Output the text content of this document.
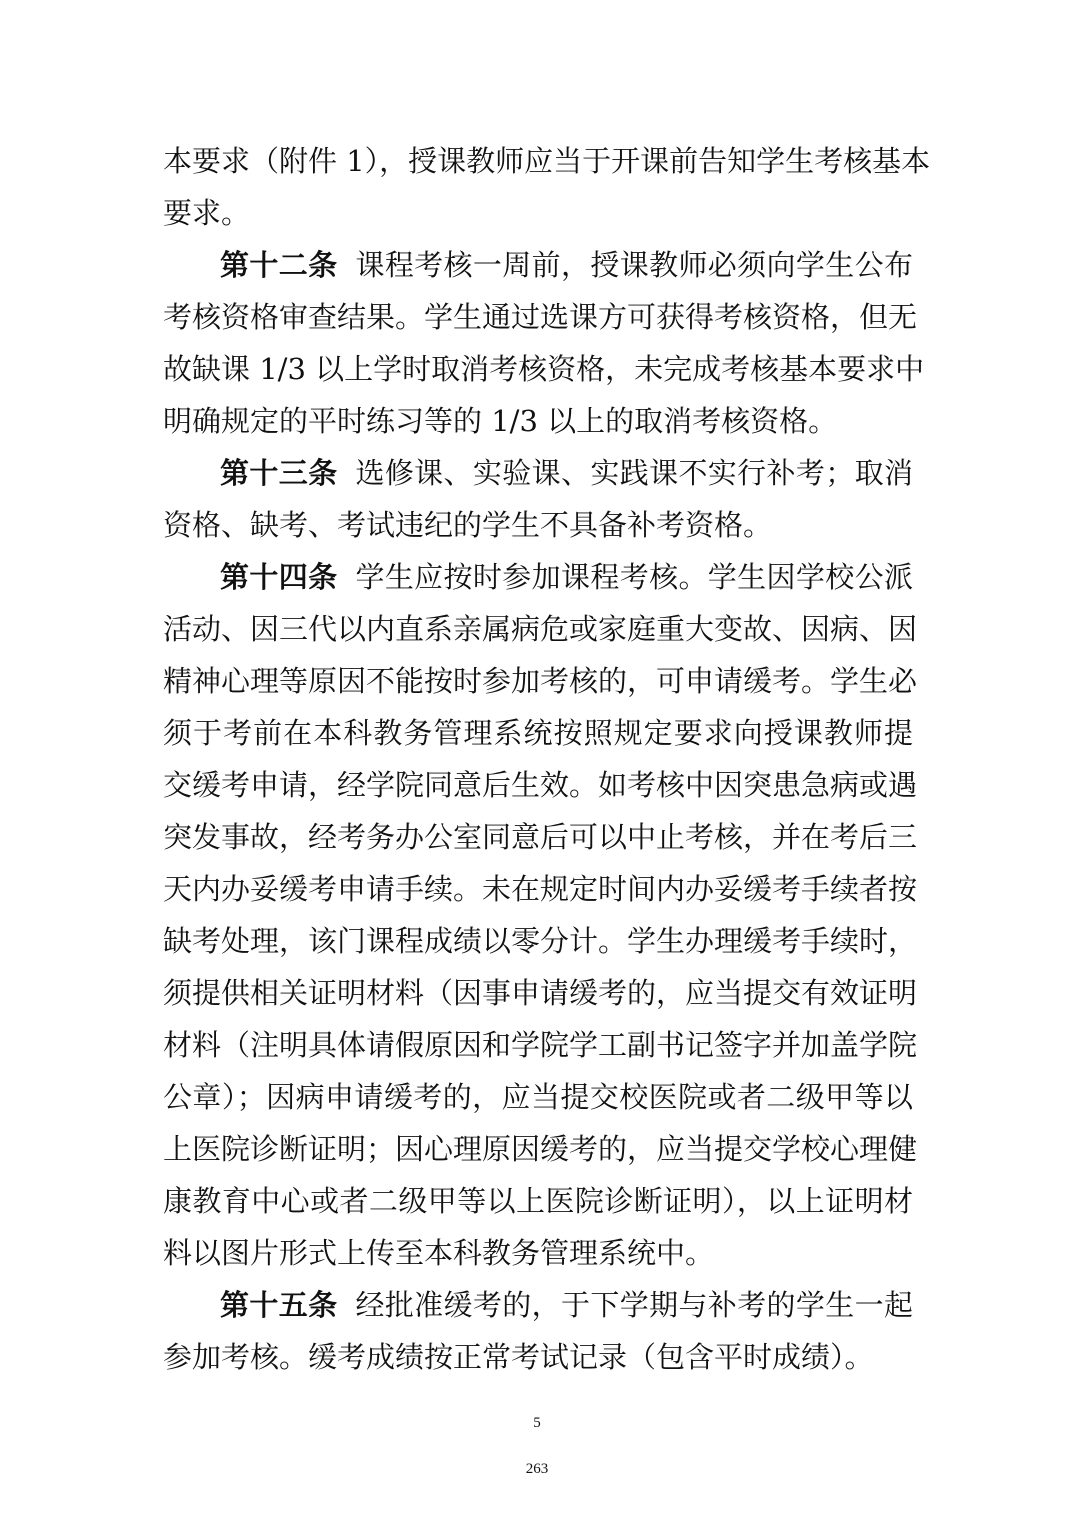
本要求（附件 1），授课教师应当于开课前告知学生考核基本
要求。
第十二条 课程考核一周前，授课教师必须向学生公布
考核资格审查结果。学生通过选课方可获得考核资格，但无
故缺课 1/3 以上学时取消考核资格，未完成考核基本要求中
明确规定的平时练习等的 1/3 以上的取消考核资格。
第十三条 选修课、实验课、实践课不实行补考；取消
资格、缺考、考试违纪的学生不具备补考资格。
第十四条 学生应按时参加课程考核。学生因学校公派
活动、因三代以内直系亲属病危或家庭重大变故、因病、因
精神心理等原因不能按时参加考核的，可申请缓考。学生必
须于考前在本科教务管理系统按照规定要求向授课教师提
交缓考申请，经学院同意后生效。如考核中因突患急病或遇
突发事故，经考务办公室同意后可以中止考核，并在考后三
天内办妥缓考申请手续。未在规定时间内办妥缓考手续者按
缺考处理，该门课程成绩以零分计。学生办理缓考手续时，
须提供相关证明材料（因事申请缓考的，应当提交有效证明
材料（注明具体请假原因和学院学工副书记签字并加盖学院
公章）；因病申请缓考的，应当提交校医院或者二级甲等以
上医院诊断证明；因心理原因缓考的，应当提交学校心理健
康教育中心或者二级甲等以上医院诊断证明），以上证明材
料以图片形式上传至本科教务管理系统中。
第十五条 经批准缓考的，于下学期与补考的学生一起
参加考核。缓考成绩按正常考试记录（包含平时成绩）。
5
263
